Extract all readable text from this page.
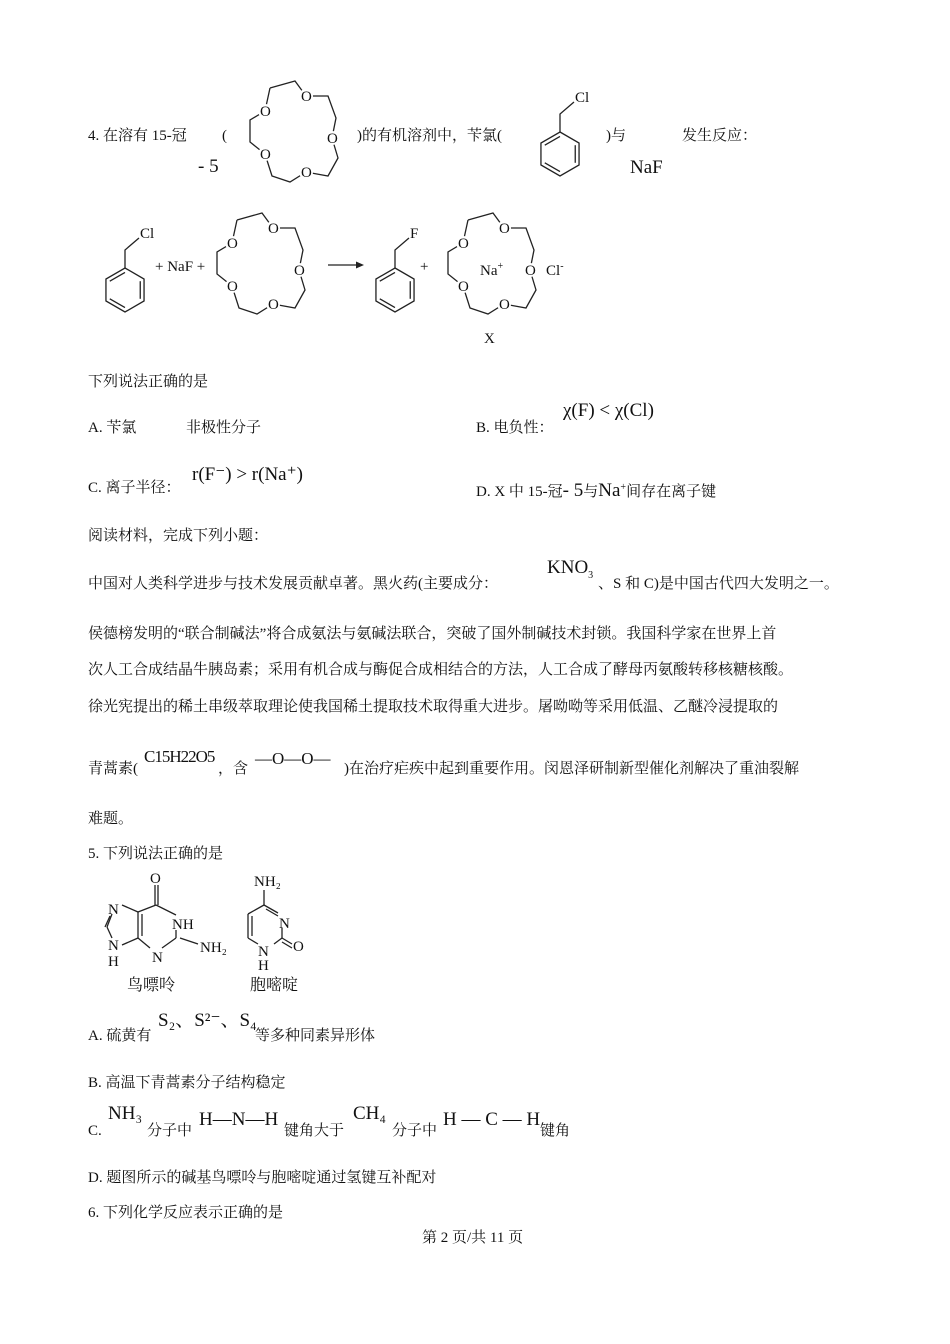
4. 在溶有 15-冠 (
- 5
O
O
O
O
O
)的有机溶剂中，苄氯(
Cl
)与	发生反应：
NaF
Cl
+ NaF +
O
O
O
O
O
F
+
O
O
O
O
O
Na+	Cl-
X
下列说法正确的是
A. 苄氯	非极性分子	B. 电负性：
χ(F) < χ(Cl)
C. 离子半径：
r(F⁻) > r(Na⁺)
D. X 中 15-冠- 5与Na+间存在离子键
阅读材料，完成下列小题：
中国对人类科学进步与技术发展贡献卓著。黑火药(主要成分：
$KNO_3$
、S 和 C)是中国古代四大发明之一。
侯德榜发明的“联合制碱法”将合成氨法与氨碱法联合，突破了国外制碱技术封锁。我国科学家在世界上首
次人工合成结晶牛胰岛素；采用有机合成与酶促合成相结合的方法，人工合成了酵母丙氨酸转移核糖核酸。
徐光宪提出的稀土串级萃取理论使我国稀土提取技术取得重大进步。屠呦呦等采用低温、乙醚冷浸提取的
青蒿素(
C15H22O5
，含
—O—O—
)在治疗疟疾中起到重要作用。闵恩泽研制新型催化剂解决了重油裂解
难题。
5. 下列说法正确的是
O
NH
N
NH₂
N
N
H
NH₂
N
O
N
H
鸟嘌呤	胞嘧啶
A. 硫黄有
S₂、S²⁻、S₄
等多种同素异形体
B. 高温下青蒿素分子结构稳定
C.
NH₃
分子中
H—N—H
键角大于
CH₄
分子中
H — C — H
键角
D. 题图所示的碱基鸟嘌呤与胞嘧啶通过氢键互补配对
6. 下列化学反应表示正确的是
第 2 页/共 11 页
